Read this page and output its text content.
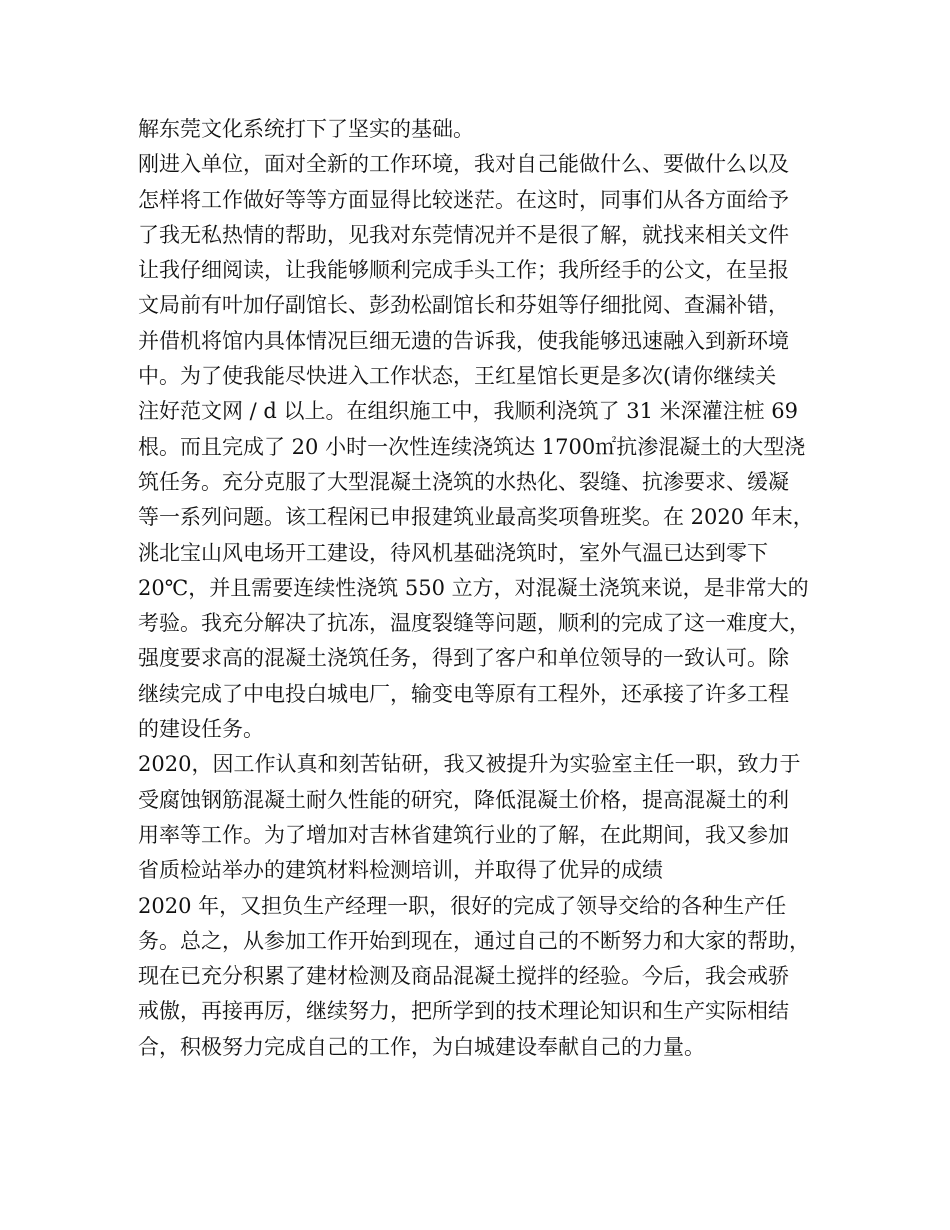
解东莞文化系统打下了坚实的基础。
刚进入单位，面对全新的工作环境，我对自己能做什么、要做什么以及
怎样将工作做好等等方面显得比较迷茫。在这时，同事们从各方面给予
了我无私热情的帮助，见我对东莞情况并不是很了解，就找来相关文件
让我仔细阅读，让我能够顺利完成手头工作；我所经手的公文，在呈报
文局前有叶加仔副馆长、彭劲松副馆长和芬姐等仔细批阅、查漏补错，
并借机将馆内具体情况巨细无遗的告诉我，使我能够迅速融入到新环境
中。为了使我能尽快进入工作状态，王红星馆长更是多次(请你继续关
注好范文网 / d 以上。在组织施工中，我顺利浇筑了 31 米深灌注桩 69
根。而且完成了 20 小时一次性连续浇筑达 1700㎡抗渗混凝土的大型浇
筑任务。充分克服了大型混凝土浇筑的水热化、裂缝、抗渗要求、缓凝
等一系列问题。该工程闲已申报建筑业最高奖项鲁班奖。在 2020 年末，
洮北宝山风电场开工建设，待风机基础浇筑时，室外气温已达到零下
20℃，并且需要连续性浇筑 550 立方，对混凝土浇筑来说，是非常大的
考验。我充分解决了抗冻，温度裂缝等问题，顺利的完成了这一难度大，
强度要求高的混凝土浇筑任务，得到了客户和单位领导的一致认可。除
继续完成了中电投白城电厂，输变电等原有工程外，还承接了许多工程
的建设任务。
2020，因工作认真和刻苦钻研，我又被提升为实验室主任一职，致力于
受腐蚀钢筋混凝土耐久性能的研究，降低混凝土价格，提高混凝土的利
用率等工作。为了增加对吉林省建筑行业的了解，在此期间，我又参加
省质检站举办的建筑材料检测培训，并取得了优异的成绩
2020 年，又担负生产经理一职，很好的完成了领导交给的各种生产任
务。总之，从参加工作开始到现在，通过自己的不断努力和大家的帮助，
现在已充分积累了建材检测及商品混凝土搅拌的经验。今后，我会戒骄
戒傲，再接再厉，继续努力，把所学到的技术理论知识和生产实际相结
合，积极努力完成自己的工作，为白城建设奉献自己的力量。
